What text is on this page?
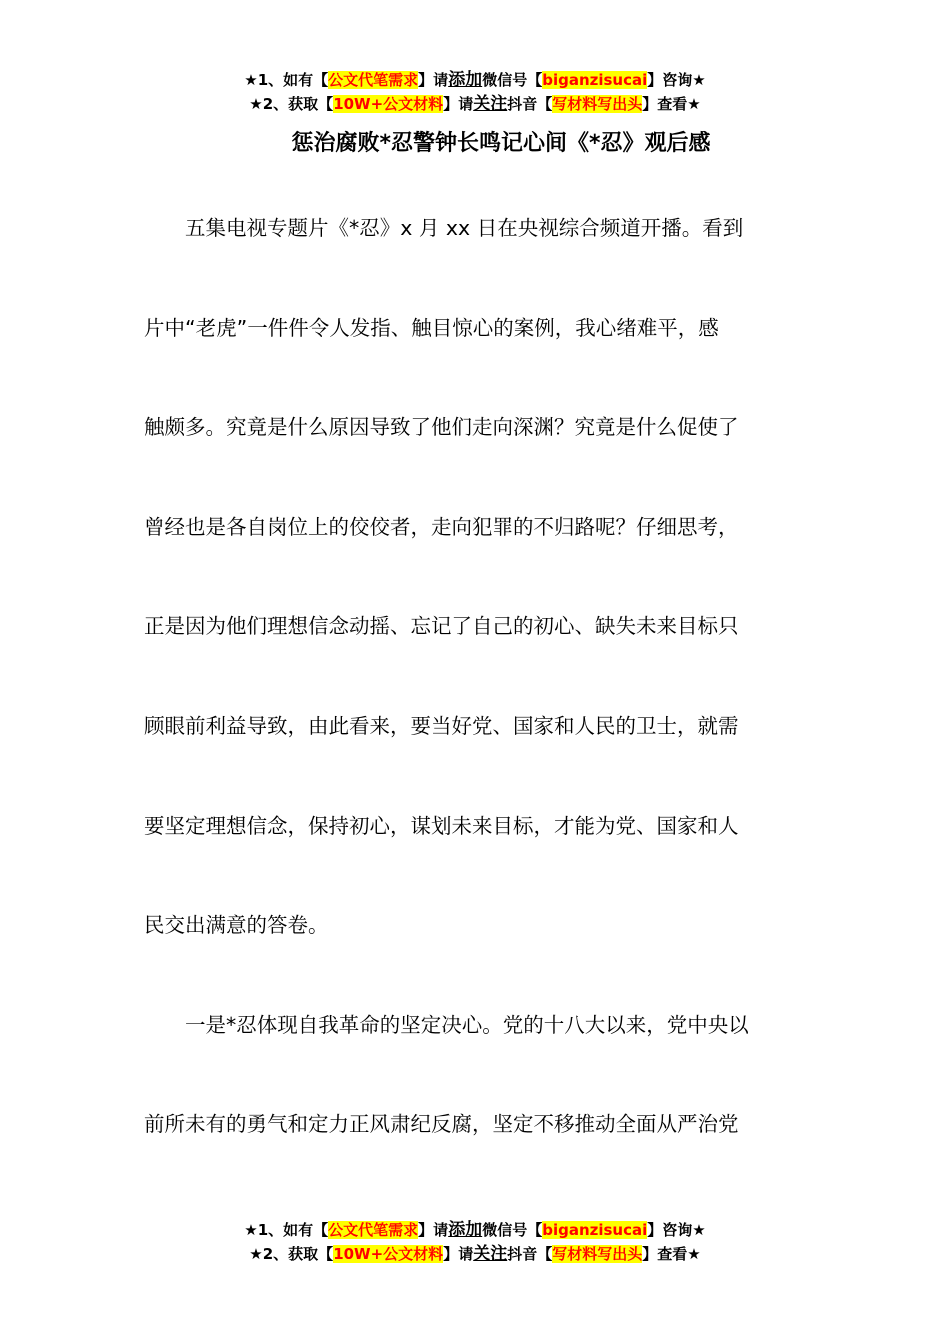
★1、如有【公文代笔需求】请添加微信号【biganzisucai】咨询★
★2、获取【10W+公文材料】请关注抖音【写材料写出头】查看★
惩治腐败*忍警钟长鸣记心间《*忍》观后感
　　五集电视专题片《*忍》x 月 xx 日在央视综合频道开播。看到
片中“老虎”一件件令人发指、触目惊心的案例，我心绪难平，感
触颇多。究竟是什么原因导致了他们走向深渊？究竟是什么促使了
曾经也是各自岗位上的佼佼者，走向犯罪的不归路呢？仔细思考，
正是因为他们理想信念动摇、忘记了自己的初心、缺失未来目标只
顾眼前利益导致，由此看来，要当好党、国家和人民的卫士，就需
要坚定理想信念，保持初心，谋划未来目标，才能为党、国家和人
民交出满意的答卷。
　　一是*忍体现自我革命的坚定决心。党的十八大以来，党中央以
前所未有的勇气和定力正风肃纪反腐，坚定不移推动全面从严治党
★1、如有【公文代笔需求】请添加微信号【biganzisucai】咨询★
★2、获取【10W+公文材料】请关注抖音【写材料写出头】查看★
